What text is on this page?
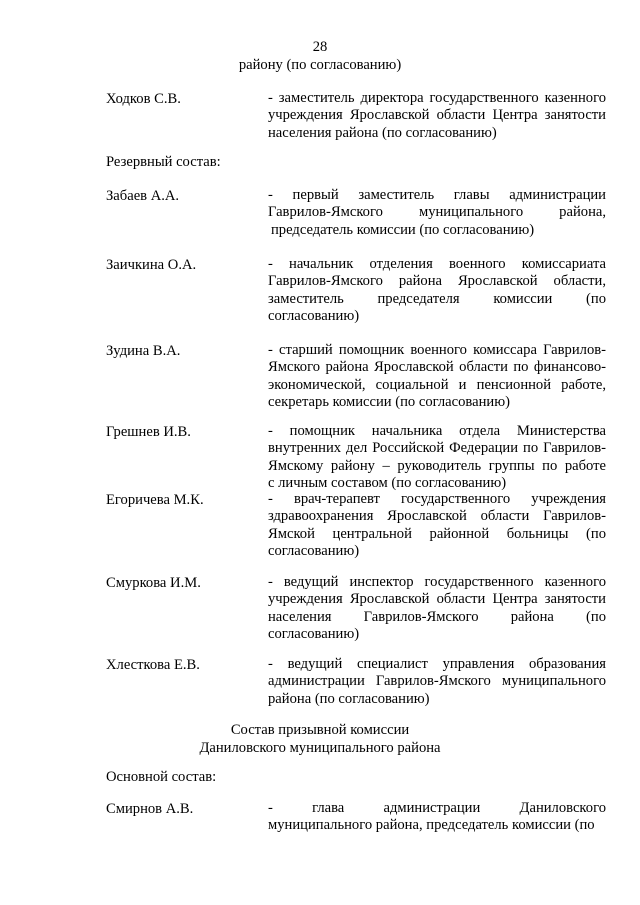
28
району (по согласованию)
Ходков С.В.	- заместитель директора государственного казенного
учреждения Ярославской области Центра занятости
населения района (по согласованию)
Резервный состав:
Забаев А.А.	- первый заместитель главы администрации
Гаврилов-Ямского муниципального района,
председатель комиссии (по согласованию)
Заичкина О.А.	- начальник отделения военного комиссариата
Гаврилов-Ямского района Ярославской области,
заместитель председателя комиссии (по
согласованию)
Зудина В.А.	- старший помощник военного комиссара Гаврилов-
Ямского района Ярославской области по финансово-
экономической, социальной и пенсионной работе,
секретарь комиссии (по согласованию)
Грешнев И.В.	- помощник начальника отдела Министерства
внутренних дел Российской Федерации по Гаврилов-
Ямскому району – руководитель группы по работе
с личным составом (по согласованию)
Егоричева М.К.	- врач-терапевт государственного учреждения
здравоохранения Ярославской области Гаврилов-
Ямской центральной районной больницы (по
согласованию)
Смуркова И.М.	- ведущий инспектор государственного казенного
учреждения Ярославской области Центра занятости
населения Гаврилов-Ямского района (по
согласованию)
Хлесткова Е.В.	- ведущий специалист управления образования
администрации Гаврилов-Ямского муниципального
района (по согласованию)
Состав призывной комиссии
Даниловского муниципального района
Основной состав:
Смирнов А.В.	- глава администрации Даниловского
муниципального района, председатель комиссии (по
